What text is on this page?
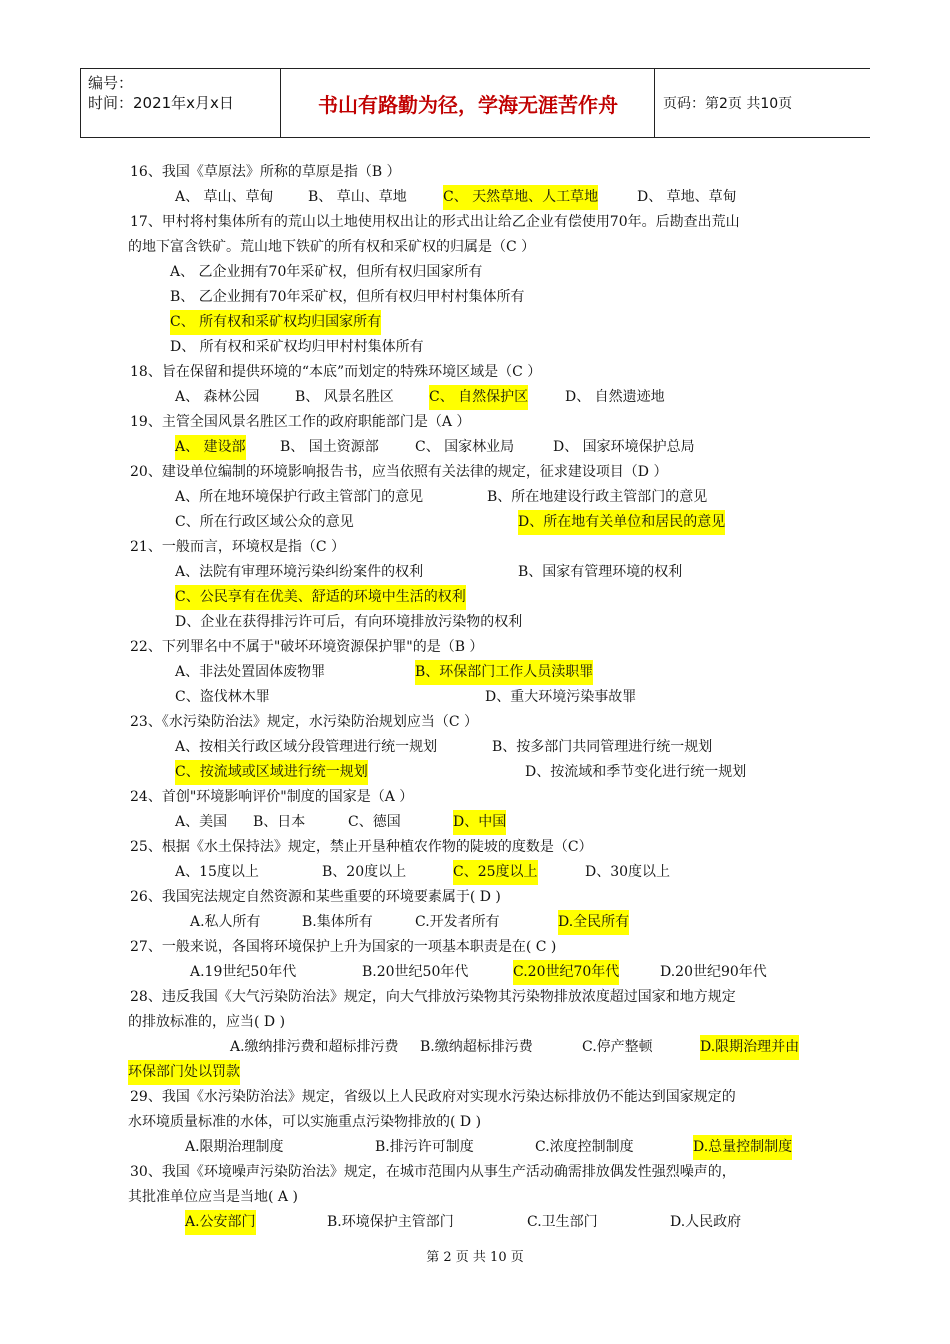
编号：
时间：2021年x月x日	书山有路勤为径，学海无涯苦作舟	页码：第2页 共10页
16、我国《草原法》所称的草原是指（B ）
A、 草山、草甸 B、 草山、草地	C、 天然草地、人工草地	D、 草地、草甸
17、甲村将村集体所有的荒山以土地使用权出让的形式出让给乙企业有偿使用70年。后勘查出荒山
的地下富含铁矿。荒山地下铁矿的所有权和采矿权的归属是（C ）
A、 乙企业拥有70年采矿权，但所有权归国家所有
B、 乙企业拥有70年采矿权，但所有权归甲村村集体所有
C、 所有权和采矿权均归国家所有
D、 所有权和采矿权均归甲村村集体所有
18、旨在保留和提供环境的“本底”而划定的特殊环境区域是（C ）
A、 森林公园	B、 风景名胜区	C、 自然保护区	D、 自然遗迹地
19、主管全国风景名胜区工作的政府职能部门是（A ）
A、 建设部 B、 国土资源部	C、 国家林业局	D、 国家环境保护总局
20、建设单位编制的环境影响报告书，应当依照有关法律的规定，征求建设项目（D ）
A、所在地环境保护行政主管部门的意见	B、所在地建设行政主管部门的意见
C、所在行政区域公众的意见	D、所在地有关单位和居民的意见
21、一般而言，环境权是指（C ）
A、法院有审理环境污染纠纷案件的权利	B、国家有管理环境的权利
C、公民享有在优美、舒适的环境中生活的权利
D、企业在获得排污许可后，有向环境排放污染物的权利
22、下列罪名中不属于"破坏环境资源保护罪"的是（B ）
A、非法处置固体废物罪	B、环保部门工作人员渎职罪
C、盗伐林木罪	D、重大环境污染事故罪
23、《水污染防治法》规定，水污染防治规划应当（C ）
A、按相关行政区域分段管理进行统一规划	B、按多部门共同管理进行统一规划
C、按流域或区域进行统一规划	D、按流域和季节变化进行统一规划
24、首创"环境影响评价"制度的国家是（A ）
A、美国 B、日本	C、德国	D、中国
25、根据《水土保持法》规定，禁止开垦种植农作物的陡坡的度数是（C）
A、15度以上	B、20度以上	C、25度以上	D、30度以上
26、我国宪法规定自然资源和某些重要的环境要素属于( D )
A.私人所有	B.集体所有	C.开发者所有	D.全民所有
27、一般来说，各国将环境保护上升为国家的一项基本职责是在( C )
A.19世纪50年代	B.20世纪50年代	C.20世纪70年代	D.20世纪90年代
28、违反我国《大气污染防治法》规定，向大气排放污染物其污染物排放浓度超过国家和地方规定
的排放标准的，应当( D )
A.缴纳排污费和超标排污费 B.缴纳超标排污费	C.停产整顿	D.限期治理并由
环保部门处以罚款
29、我国《水污染防治法》规定，省级以上人民政府对实现水污染达标排放仍不能达到国家规定的
水环境质量标准的水体，可以实施重点污染物排放的( D )
A.限期治理制度	B.排污许可制度	C.浓度控制制度	D.总量控制制度
30、我国《环境噪声污染防治法》规定，在城市范围内从事生产活动确需排放偶发性强烈噪声的，
其批准单位应当是当地( A )
A.公安部门	B.环境保护主管部门	C.卫生部门	D.人民政府
第 2 页 共 10 页
